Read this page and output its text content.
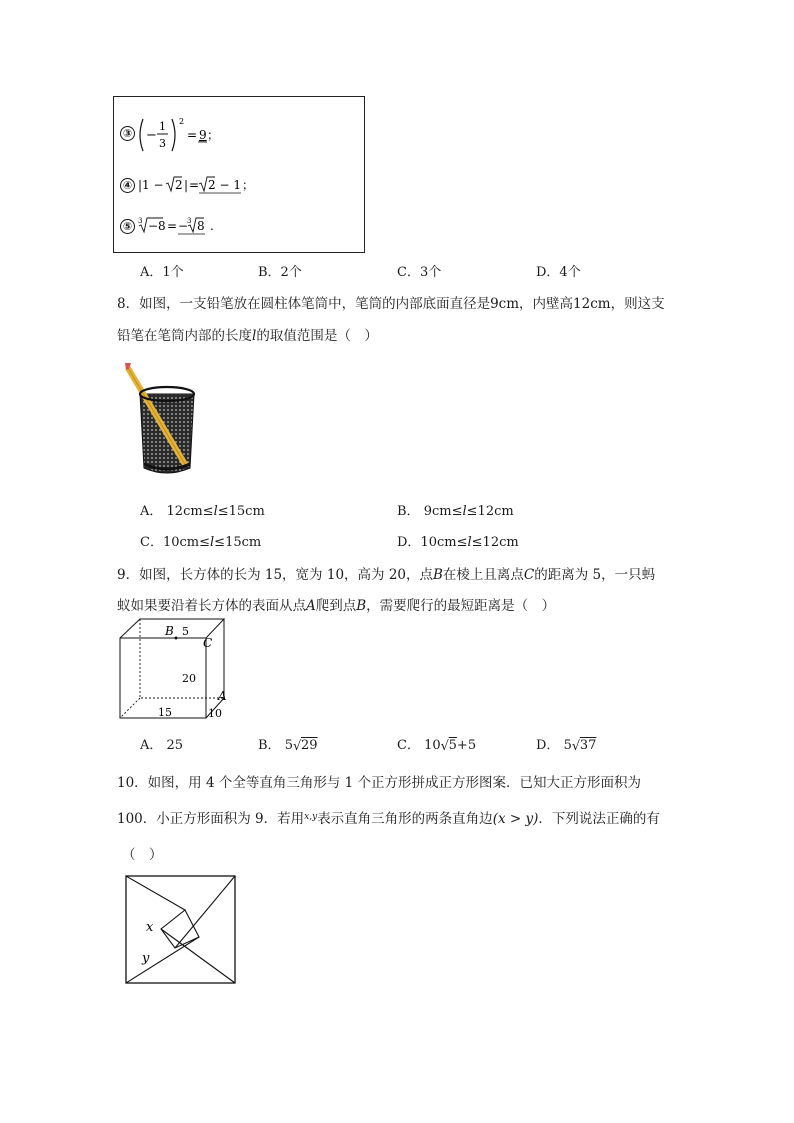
③ −
1
3
2
= 9 ；
④ |1 − 2 | = 2 − 1 ；
⑤ 3 −8 = −
3 8 .
A．1个	B．2个	C．3个	D．4个
8．如图，一支铅笔放在圆柱体笔筒中，笔筒的内部底面直径是9cm，内壁高12cm，则这支
铅笔在笔筒内部的长度l的取值范围是（　）
A． 12cm≤l≤15cm	B． 9cm≤l≤12cm
C．10cm≤l≤15cm	D．10cm≤l≤12cm
9．如图，长方体的长为 15，宽为 10，高为 20，点B在棱上且离点C的距离为 5，一只蚂
蚁如果要沿着长方体的表面从点A爬到点B，需要爬行的最短距离是（　）
B 5
C
20
A
15	10
A． 25	B． 5 √ 29	C． 10 √ 5+5	D． 5 √ 37
10．如图，用 4 个全等直角三角形与 1 个正方形拼成正方形图案．已知大正方形面积为
100．小正方形面积为 9．若用$^{x,y}$表示直角三角形的两条直角边(x > y)．下列说法正确的有
（　）
x
y
